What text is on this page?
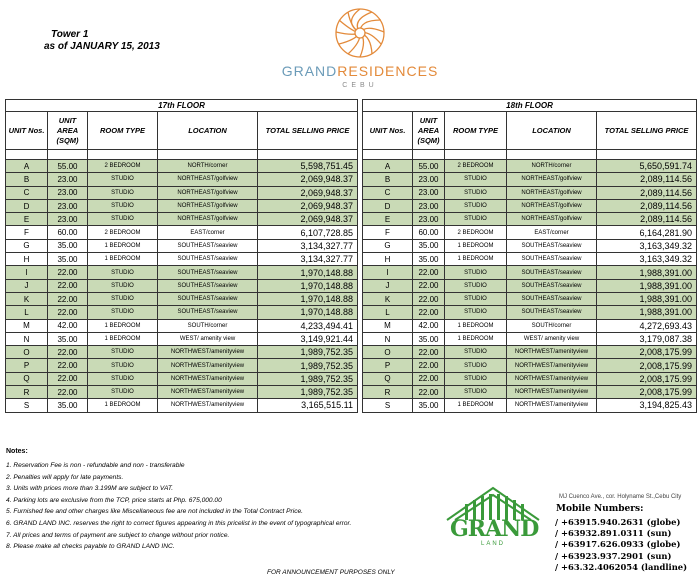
Tower 1
as of JANUARY 15, 2013
GRANDRESIDENCES
CEBU
17th FLOOR				
UNIT Nos.	UNIT AREA (SQM)	ROOM TYPE	LOCATION	TOTAL SELLING PRICE

A	55.00	2 BEDROOM	NORTH/corner	5,598,751.45
B	23.00	STUDIO	NORTHEAST/golfview	2,069,948.37
C	23.00	STUDIO	NORTHEAST/golfview	2,069,948.37
D	23.00	STUDIO	NORTHEAST/golfview	2,069,948.37
E	23.00	STUDIO	NORTHEAST/golfview	2,069,948.37
F	60.00	2 BEDROOM	EAST/corner	6,107,728.85
G	35.00	1 BEDROOM	SOUTHEAST/seaview	3,134,327.77
H	35.00	1 BEDROOM	SOUTHEAST/seaview	3,134,327.77
I	22.00	STUDIO	SOUTHEAST/seaview	1,970,148.88
J	22.00	STUDIO	SOUTHEAST/seaview	1,970,148.88
K	22.00	STUDIO	SOUTHEAST/seaview	1,970,148.88
L	22.00	STUDIO	SOUTHEAST/seaview	1,970,148.88
M	42.00	1 BEDROOM	SOUTH/corner	4,233,494.41
N	35.00	1 BEDROOM	WEST/ amenity view	3,149,921.44
O	22.00	STUDIO	NORTHWEST/amenityview	1,989,752.35
P	22.00	STUDIO	NORTHWEST/amenityview	1,989,752.35
Q	22.00	STUDIO	NORTHWEST/amenityview	1,989,752.35
R	22.00	STUDIO	NORTHWEST/amenityview	1,989,752.35
S	35.00	1 BEDROOM	NORTHWEST/amenityview	3,165,515.11
18th FLOOR				
UNIT Nos.	UNIT AREA (SQM)	ROOM TYPE	LOCATION	TOTAL SELLING PRICE

A	55.00	2 BEDROOM	NORTH/corner	5,650,591.74
B	23.00	STUDIO	NORTHEAST/golfview	2,089,114.56
C	23.00	STUDIO	NORTHEAST/golfview	2,089,114.56
D	23.00	STUDIO	NORTHEAST/golfview	2,089,114.56
E	23.00	STUDIO	NORTHEAST/golfview	2,089,114.56
F	60.00	2 BEDROOM	EAST/corner	6,164,281.90
G	35.00	1 BEDROOM	SOUTHEAST/seaview	3,163,349.32
H	35.00	1 BEDROOM	SOUTHEAST/seaview	3,163,349.32
I	22.00	STUDIO	SOUTHEAST/seaview	1,988,391.00
J	22.00	STUDIO	SOUTHEAST/seaview	1,988,391.00
K	22.00	STUDIO	SOUTHEAST/seaview	1,988,391.00
L	22.00	STUDIO	SOUTHEAST/seaview	1,988,391.00
M	42.00	1 BEDROOM	SOUTH/corner	4,272,693.43
N	35.00	1 BEDROOM	WEST/ amenity view	3,179,087.38
O	22.00	STUDIO	NORTHWEST/amenityview	2,008,175.99
P	22.00	STUDIO	NORTHWEST/amenityview	2,008,175.99
Q	22.00	STUDIO	NORTHWEST/amenityview	2,008,175.99
R	22.00	STUDIO	NORTHWEST/amenityview	2,008,175.99
S	35.00	1 BEDROOM	NORTHWEST/amenityview	3,194,825.43
Notes:
1. Reservation Fee is non - refundable and non - transferable
2. Penalties will apply for late payments.
3. Units with prices more than 3.199M are subject to VAT.
4. Parking lots are exclusive from the TCP, price starts at Php. 675,000.00
5. Furnished fee and other charges like Miscellaneous fee are not included in the Total Contract Price.
6. GRAND LAND INC. reserves the right to correct figures appearing in this pricelist in the event of typographical error.
7. All prices and terms of payment are subject to change without prior notice.
8. Please make all checks payable to GRAND LAND INC.
FOR ANNOUNCEMENT PURPOSES ONLY
GRAND
LAND
MJ Cuenco Ave., cor. Holyname St.,Cebu City
Mobile Numbers:
/ +63915.940.2631 (globe)
/ +63932.891.0311 (sun)
/ +63917.626.0933 (globe)
/ +63923.937.2901 (sun)
/ +63.32.4062054 (landline)
